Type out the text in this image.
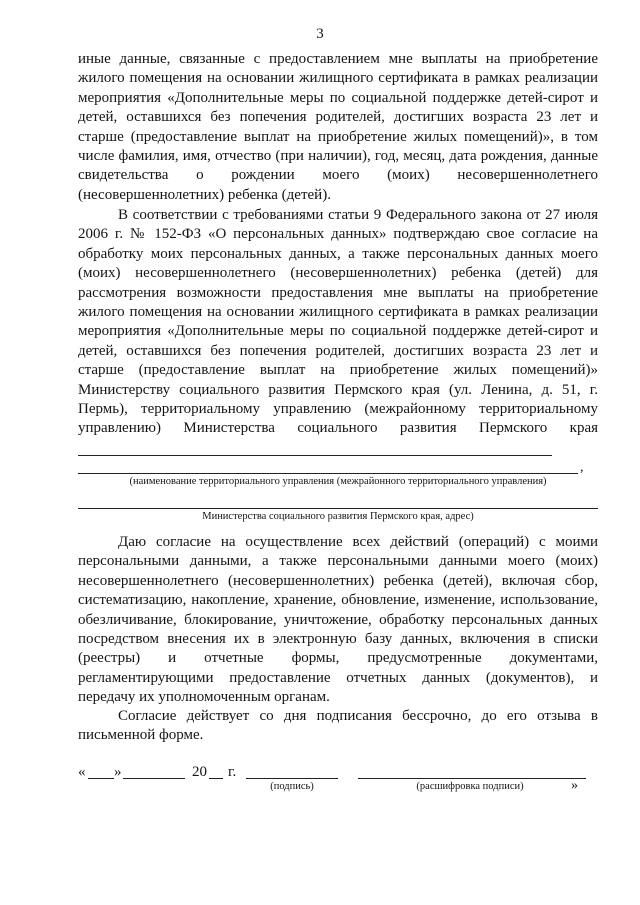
3

иные данные, связанные с предоставлением мне выплаты на приобретение жилого помещения на основании жилищного сертификата в рамках реализации мероприятия «Дополнительные меры по социальной поддержке детей-сирот и детей, оставшихся без попечения родителей, достигших возраста 23 лет и старше (предоставление выплат на приобретение жилых помещений)», в том числе фамилия, имя, отчество (при наличии), год, месяц, дата рождения, данные свидетельства о рождении моего (моих) несовершеннолетнего (несовершеннолетних) ребенка (детей).

В соответствии с требованиями статьи 9 Федерального закона от 27 июля 2006 г. № 152-ФЗ «О персональных данных» подтверждаю свое согласие на обработку моих персональных данных, а также персональных данных моего (моих) несовершеннолетнего (несовершеннолетних) ребенка (детей) для рассмотрения возможности предоставления мне выплаты на приобретение жилого помещения на основании жилищного сертификата в рамках реализации мероприятия «Дополнительные меры по социальной поддержке детей-сирот и детей, оставшихся без попечения родителей, достигших возраста 23 лет и старше (предоставление выплат на приобретение жилых помещений)» Министерству социального развития Пермского края (ул. Ленина, д. 51, г. Пермь), территориальному управлению (межрайонному территориальному управлению) Министерства социального развития Пермского края

,
(наименование территориального управления (межрайонного территориального управления)
Министерства социального развития Пермского края, адрес)

Даю согласие на осуществление всех действий (операций) с моими персональными данными, а также персональными данными моего (моих) несовершеннолетнего (несовершеннолетних) ребенка (детей), включая сбор, систематизацию, накопление, хранение, обновление, изменение, использование, обезличивание, блокирование, уничтожение, обработку персональных данных посредством внесения их в электронную базу данных, включения в списки (реестры) и отчетные формы, предусмотренные документами, регламентирующими предоставление отчетных данных (документов), и передачу их уполномоченным органам.

Согласие действует со дня подписания бессрочно, до его отзыва в письменной форме.

« »	20 г.
(подпись)	(расшифровка подписи)	»
